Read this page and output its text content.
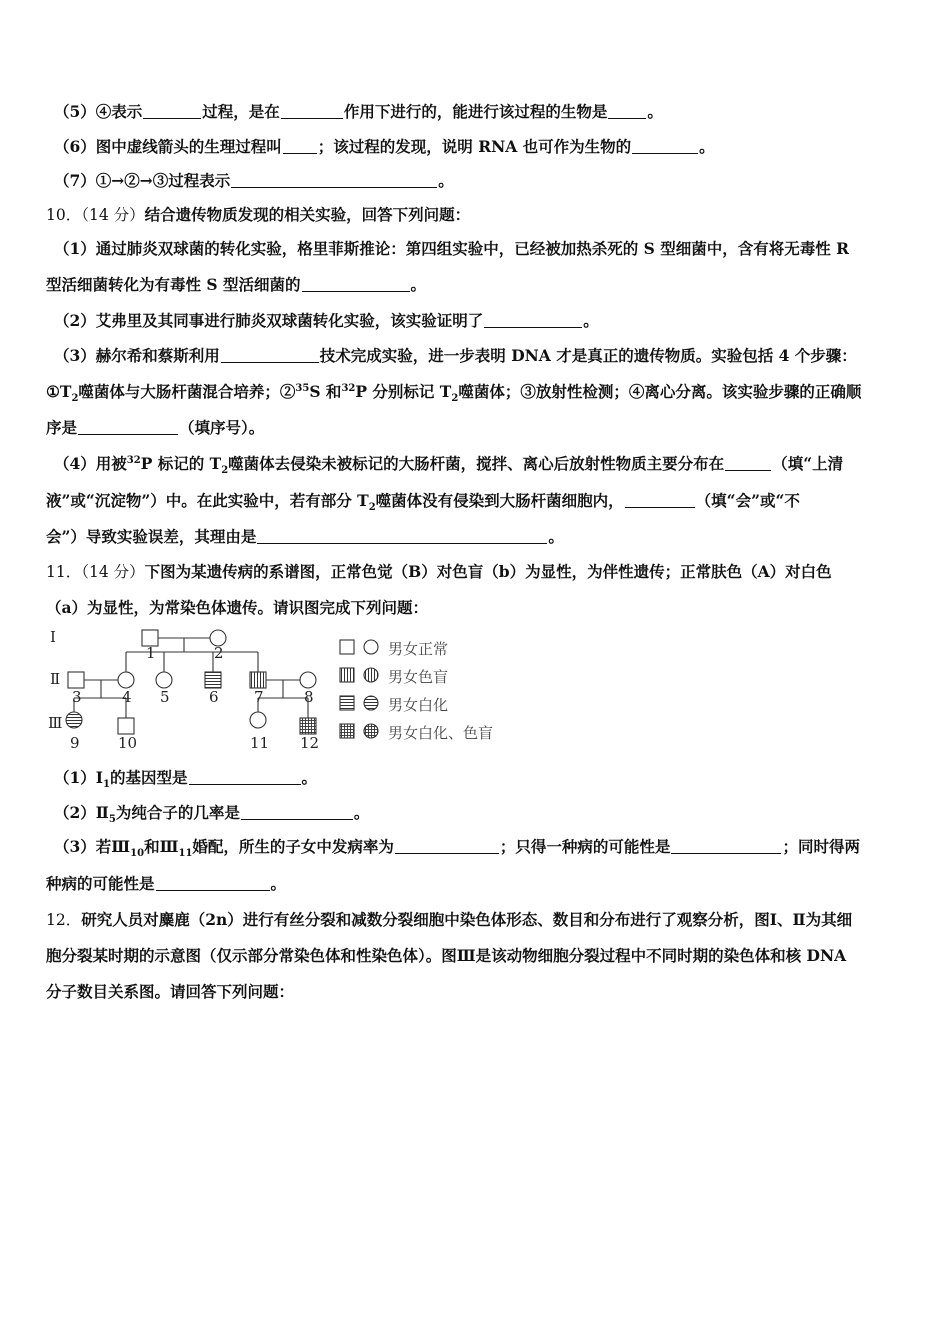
（5）④表示	过程，是在	作用下进行的，能进行该过程的生物是	。
（6）图中虚线箭头的生理过程叫 ；该过程的发现，说明 RNA 也可作为生物的	。
（7）①→②→③过程表示	。
10．（14 分）结合遗传物质发现的相关实验，回答下列问题：
（1）通过肺炎双球菌的转化实验，格里菲斯推论：第四组实验中，已经被加热杀死的 S 型细菌中，含有将无毒性 R
型活细菌转化为有毒性 S 型活细菌的	。
（2）艾弗里及其同事进行肺炎双球菌转化实验，该实验证明了	。
（3）赫尔希和蔡斯利用	技术完成实验，进一步表明 DNA 才是真正的遗传物质。实验包括 4 个步骤：
$①T_2$噬菌体与大肠杆菌混合培养；②$^{35}$S 和$^{32}$P 分别标记 $T_2$噬菌体；③放射性检测；④离心分离。该实验步骤的正确顺
序是	（填序号）。
（4）用被$^{32}$P 标记的 $T_2$噬菌体去侵染未被标记的大肠杆菌，搅拌、离心后放射性物质主要分布在	（填“上清
液”或“沉淀物”）中。在此实验中，若有部分 $T_2$噬菌体没有侵染到大肠杆菌细胞内，	（填“会”或“不
会”）导致实验误差，其理由是	。
11．（14 分）下图为某遗传病的系谱图，正常色觉（B）对色盲（b）为显性，为伴性遗传；正常肤色（A）对白色
（a）为显性，为常染色体遗传。请识图完成下列问题：
Ⅰ
Ⅱ
Ⅲ
1	2
3	4 5	6 7	8
9	10	11 12
男女正常
男女色盲
男女白化
男女白化、色盲
$(1)Ⅰ_1$的基因型是	。
$(2)Ⅱ_5$为纯合子的几率是	。
（3）若$Ⅲ_{10}$和$Ⅲ_{11}$婚配，所生的子女中发病率为	；只得一种病的可能性是	；同时得两
种病的可能性是	。
12．研究人员对麋鹿（2n）进行有丝分裂和减数分裂细胞中染色体形态、数目和分布进行了观察分析，图Ⅰ、Ⅱ为其细
胞分裂某时期的示意图（仅示部分常染色体和性染色体）。图Ⅲ是该动物细胞分裂过程中不同时期的染色体和核 DNA
分子数目关系图。请回答下列问题：
